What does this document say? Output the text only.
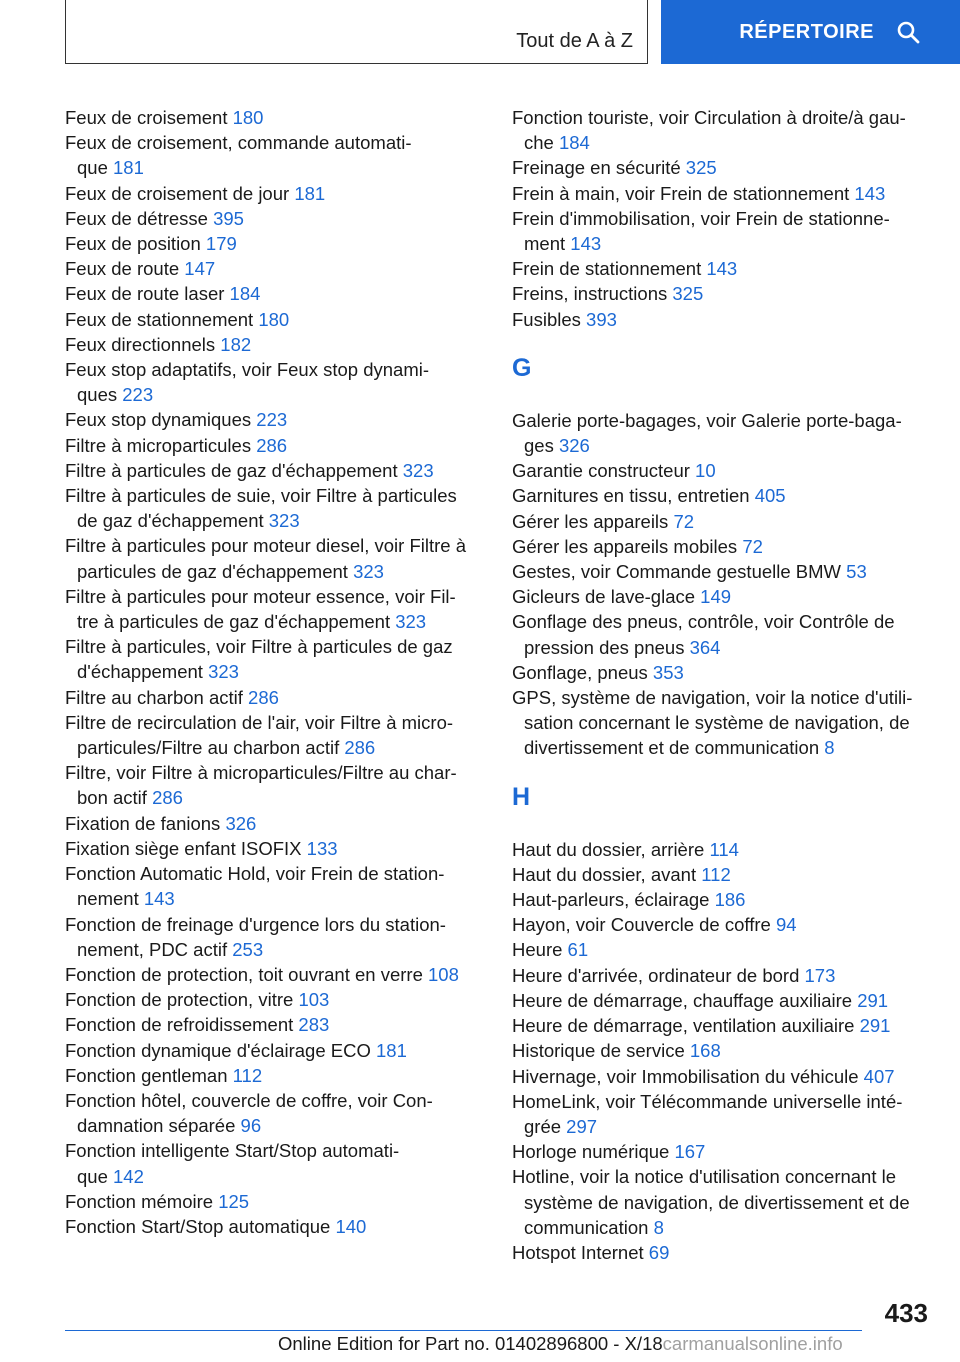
Tout de A à Z	RÉPERTOIRE
Feux de croisement 180
Feux de croisement, commande automati-
que 181
Feux de croisement de jour 181
Feux de détresse 395
Feux de position 179
Feux de route 147
Feux de route laser 184
Feux de stationnement 180
Feux directionnels 182
Feux stop adaptatifs, voir Feux stop dynami-
ques 223
Feux stop dynamiques 223
Filtre à microparticules 286
Filtre à particules de gaz d'échappement 323
Filtre à particules de suie, voir Filtre à particules
de gaz d'échappement 323
Filtre à particules pour moteur diesel, voir Filtre à
particules de gaz d'échappement 323
Filtre à particules pour moteur essence, voir Fil-
tre à particules de gaz d'échappement 323
Filtre à particules, voir Filtre à particules de gaz
d'échappement 323
Filtre au charbon actif 286
Filtre de recirculation de l'air, voir Filtre à micro-
particules/Filtre au charbon actif 286
Filtre, voir Filtre à microparticules/Filtre au char-
bon actif 286
Fixation de fanions 326
Fixation siège enfant ISOFIX 133
Fonction Automatic Hold, voir Frein de station-
nement 143
Fonction de freinage d'urgence lors du station-
nement, PDC actif 253
Fonction de protection, toit ouvrant en verre 108
Fonction de protection, vitre 103
Fonction de refroidissement 283
Fonction dynamique d'éclairage ECO 181
Fonction gentleman 112
Fonction hôtel, couvercle de coffre, voir Con-
damnation séparée 96
Fonction intelligente Start/Stop automati-
que 142
Fonction mémoire 125
Fonction Start/Stop automatique 140
Fonction touriste, voir Circulation à droite/à gau-
che 184
Freinage en sécurité 325
Frein à main, voir Frein de stationnement 143
Frein d'immobilisation, voir Frein de stationne-
ment 143
Frein de stationnement 143
Freins, instructions 325
Fusibles 393
G
Galerie porte-bagages, voir Galerie porte-baga-
ges 326
Garantie constructeur 10
Garnitures en tissu, entretien 405
Gérer les appareils 72
Gérer les appareils mobiles 72
Gestes, voir Commande gestuelle BMW 53
Gicleurs de lave-glace 149
Gonflage des pneus, contrôle, voir Contrôle de
pression des pneus 364
Gonflage, pneus 353
GPS, système de navigation, voir la notice d'utili-
sation concernant le système de navigation, de
divertissement et de communication 8
H
Haut du dossier, arrière 114
Haut du dossier, avant 112
Haut-parleurs, éclairage 186
Hayon, voir Couvercle de coffre 94
Heure 61
Heure d'arrivée, ordinateur de bord 173
Heure de démarrage, chauffage auxiliaire 291
Heure de démarrage, ventilation auxiliaire 291
Historique de service 168
Hivernage, voir Immobilisation du véhicule 407
HomeLink, voir Télécommande universelle inté-
grée 297
Horloge numérique 167
Hotline, voir la notice d'utilisation concernant le
système de navigation, de divertissement et de
communication 8
Hotspot Internet 69
433
Online Edition for Part no. 01402896800 - X/18carmanualsonline.info
